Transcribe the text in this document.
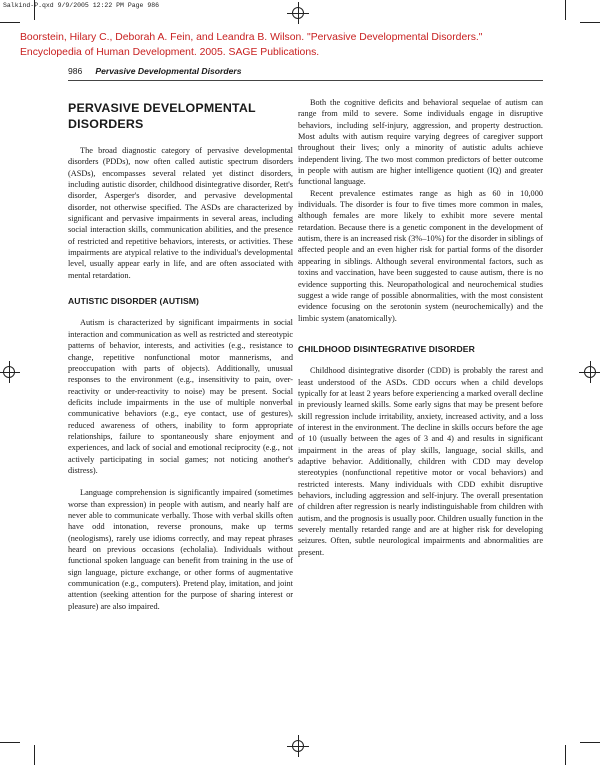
Salkind-P.qxd 9/9/2005 12:22 PM Page 986
Boorstein, Hilary C., Deborah A. Fein, and Leandra B. Wilson. "Pervasive Developmental Disorders."
Encyclopedia of Human Development. 2005. SAGE Publications.
986 Pervasive Developmental Disorders
PERVASIVE DEVELOPMENTAL DISORDERS

The broad diagnostic category of pervasive developmental disorders (PDDs), now often called autistic spectrum disorders (ASDs), encompasses several related yet distinct disorders, including autistic disorder, childhood disintegrative disorder, Rett's disorder, Asperger's disorder, and pervasive developmental disorder, not otherwise specified. The ASDs are characterized by significant and pervasive impairments in several areas, including social interaction skills, communication abilities, and the presence of restricted and repetitive behaviors, interests, or activities. These impairments are atypical relative to the individual's developmental level, usually appear early in life, and are often associated with mental retardation.

AUTISTIC DISORDER (AUTISM)

Autism is characterized by significant impairments in social interaction and communication as well as restricted and stereotypic patterns of behavior, interests, and activities (e.g., resistance to change, repetitive nonfunctional motor mannerisms, and preoccupation with parts of objects). Additionally, unusual responses to the environment (e.g., insensitivity to pain, over-reactivity or under-reactivity to noise) may be present. Social deficits include impairments in the use of multiple nonverbal communicative behaviors (e.g., eye contact, use of gestures), reduced awareness of others, inability to form appropriate relationships, failure to spontaneously share enjoyment and experiences, and lack of social and emotional reciprocity (e.g., not actively participating in social games; not noticing another's distress).

Language comprehension is significantly impaired (sometimes worse than expression) in people with autism, and nearly half are never able to communicate verbally. Those with verbal skills often have odd intonation, reverse pronouns, make up terms (neologisms), rarely use idioms correctly, and may repeat phrases heard on previous occasions (echolalia). Individuals without functional spoken language can benefit from training in the use of sign language, picture exchange, or other forms of augmentative communication (e.g., computers). Pretend play, imitation, and joint attention (seeking attention for the purpose of sharing interest or pleasure) are also impaired.

Both the cognitive deficits and behavioral sequelae of autism can range from mild to severe. Some individuals engage in disruptive behaviors, including self-injury, aggression, and property destruction. Most adults with autism require varying degrees of caregiver support throughout their lives; only a minority of autistic adults achieve independent living. The two most common predictors of better outcome in people with autism are higher intelligence quotient (IQ) and greater functional language.

Recent prevalence estimates range as high as 60 in 10,000 individuals. The disorder is four to five times more common in males, although females are more likely to exhibit more severe mental retardation. Because there is a genetic component in the development of autism, there is an increased risk (3%–10%) for the disorder in siblings of affected people and an even higher risk for partial forms of the disorder appearing in siblings. Although several environmental factors, such as toxins and vaccination, have been suggested to cause autism, there is no evidence supporting this. Neuropathological and neurochemical studies suggest a wide range of possible abnormalities, with the most consistent evidence focusing on the serotonin system (neurochemically) and the limbic system (anatomically).

CHILDHOOD DISINTEGRATIVE DISORDER

Childhood disintegrative disorder (CDD) is probably the rarest and least understood of the ASDs. CDD occurs when a child develops typically for at least 2 years before experiencing a marked overall decline in previously learned skills. Some early signs that may be present before skill regression include irritability, anxiety, increased activity, and a loss of interest in the environment. The decline in skills occurs before the age of 10 (usually between the ages of 3 and 4) and results in significant impairment in the areas of play skills, language, social skills, and adaptive behavior. Additionally, children with CDD may develop stereotypies (nonfunctional repetitive motor or vocal behaviors) and restricted interests. Many individuals with CDD exhibit disruptive behaviors, including aggression and self-injury. The overall presentation of children after regression is nearly indistinguishable from children with autism, and the prognosis is usually poor. Children usually function in the severely mentally retarded range and are at higher risk for developing seizures. Often, subtle neurological impairments and abnormalities are present.
